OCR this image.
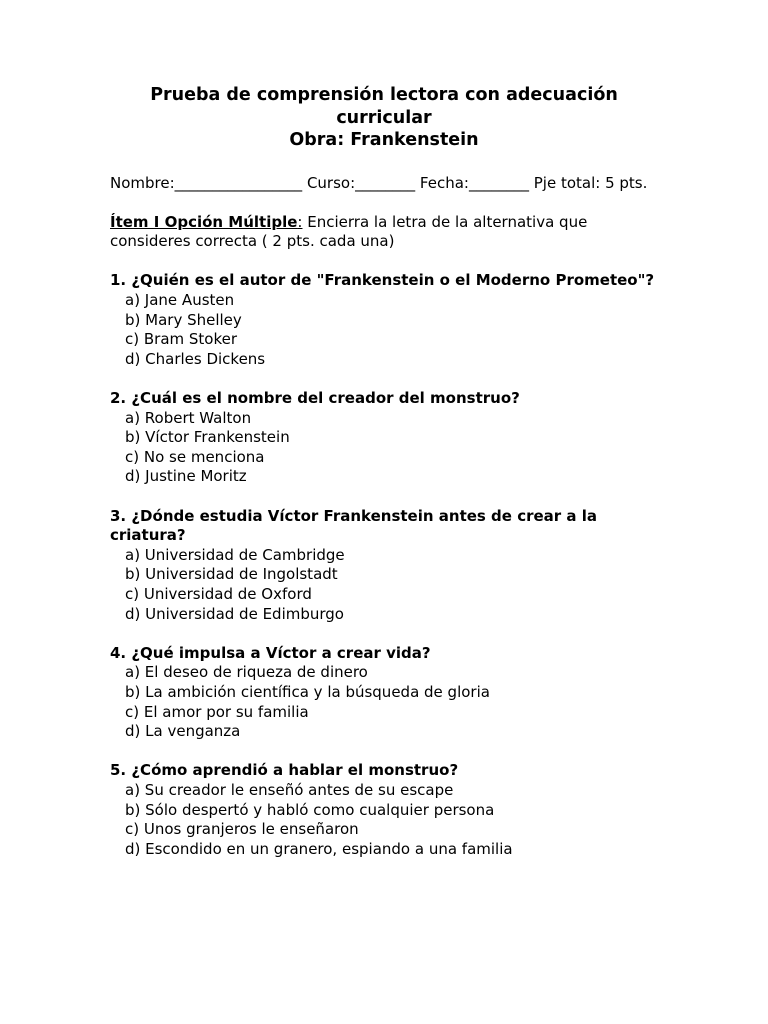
Prueba de comprensión lectora con adecuación
curricular
Obra: Frankenstein
Nombre:_________________ Curso:________ Fecha:________ Pje total: 5 pts.
Ítem I Opción Múltiple: Encierra la letra de la alternativa que consideres correcta ( 2 pts. cada una)
1. ¿Quién es el autor de "Frankenstein o el Moderno Prometeo"?
a) Jane Austen
b) Mary Shelley
c) Bram Stoker
d) Charles Dickens
2. ¿Cuál es el nombre del creador del monstruo?
a) Robert Walton
b) Víctor Frankenstein
c) No se menciona
d) Justine Moritz
3. ¿Dónde estudia Víctor Frankenstein antes de crear a la criatura?
a) Universidad de Cambridge
b) Universidad de Ingolstadt
c) Universidad de Oxford
d) Universidad de Edimburgo
4. ¿Qué impulsa a Víctor a crear vida?
a) El deseo de riqueza de dinero
b) La ambición científica y la búsqueda de gloria
c) El amor por su familia
d) La venganza
5. ¿Cómo aprendió a hablar el monstruo?
a) Su creador le enseñó antes de su escape
b) Sólo despertó y habló como cualquier persona
c) Unos granjeros le enseñaron
d) Escondido en un granero, espiando a una familia
